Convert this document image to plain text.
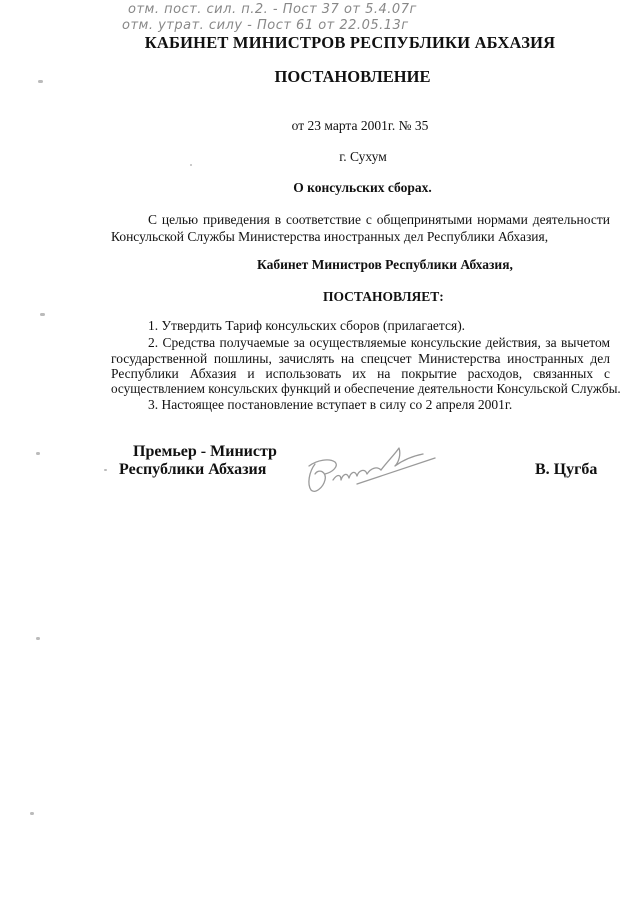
отм. пост. сил. п.2. - Пост 37 от 5.4.07г
отм. утрат. силу - Пост 61 от 22.05.13г
КАБИНЕТ МИНИСТРОВ РЕСПУБЛИКИ АБХАЗИЯ
ПОСТАНОВЛЕНИЕ
от 23 марта 2001г. № 35
г. Сухум
О консульских сборах.
С целью приведения в соответствие с общепринятыми нормами деятельности
Консульской Службы Министерства иностранных дел Республики Абхазия,
Кабинет Министров Республики Абхазия,
ПОСТАНОВЛЯЕТ:
1. Утвердить Тариф консульских сборов (прилагается).
2. Средства получаемые за осуществляемые консульские действия, за вычетом
государственной пошлины, зачислять на спецсчет Министерства иностранных дел
Республики Абхазия и использовать их на покрытие расходов, связанных с
осуществлением консульских функций и обеспечение деятельности Консульской Службы.
3. Настоящее постановление вступает в силу со 2 апреля 2001г.
Премьер - Министр
Республики Абхазия	В. Цугба
